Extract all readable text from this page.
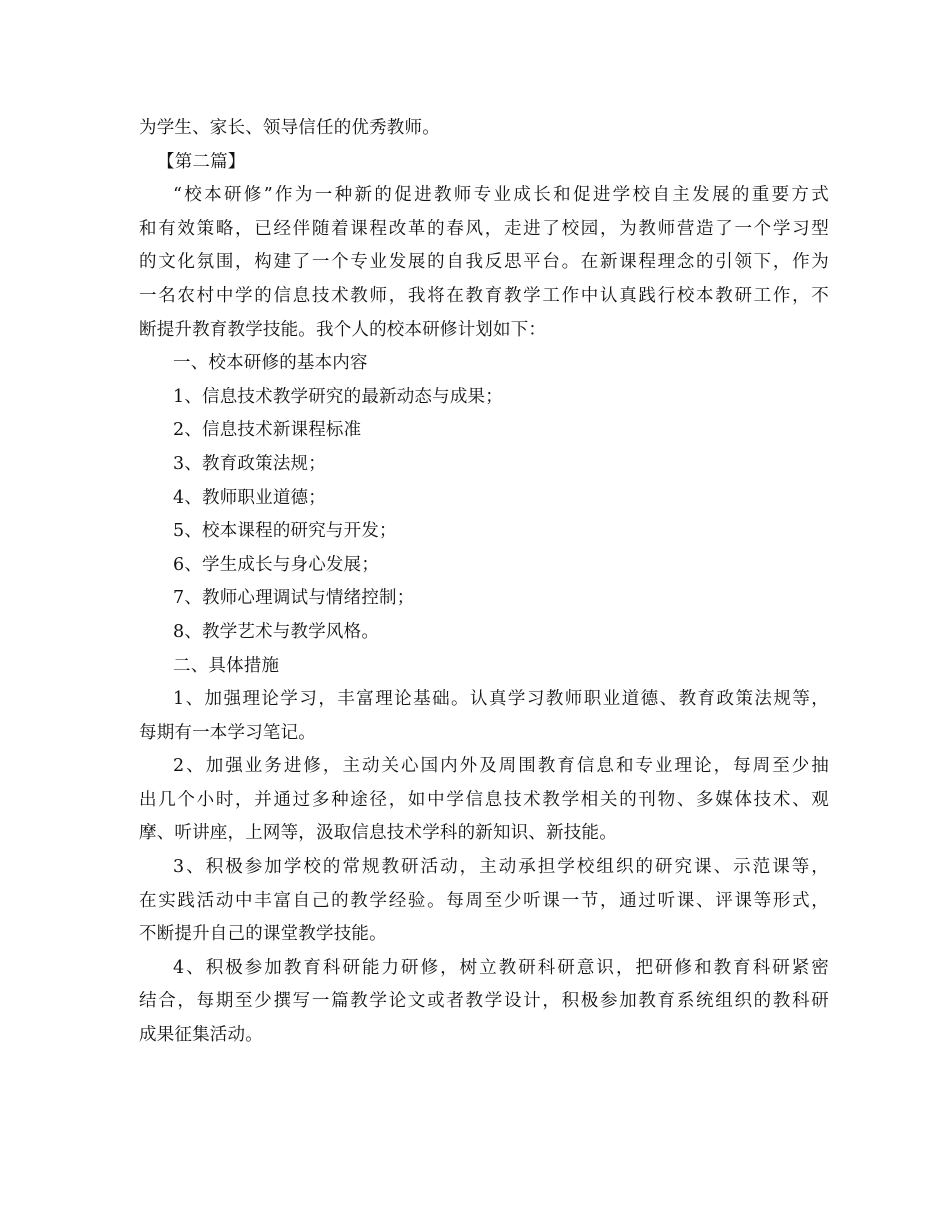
为学生、家长、领导信任的优秀教师。
【第二篇】
“校本研修”作为一种新的促进教师专业成长和促进学校自主发展的重要方式
和有效策略，已经伴随着课程改革的春风，走进了校园，为教师营造了一个学习型
的文化氛围，构建了一个专业发展的自我反思平台。在新课程理念的引领下，作为
一名农村中学的信息技术教师，我将在教育教学工作中认真践行校本教研工作，不
断提升教育教学技能。我个人的校本研修计划如下：
一、校本研修的基本内容
1、信息技术教学研究的最新动态与成果；
2、信息技术新课程标准
3、教育政策法规；
4、教师职业道德；
5、校本课程的研究与开发；
6、学生成长与身心发展；
7、教师心理调试与情绪控制；
8、教学艺术与教学风格。
二、具体措施
1、加强理论学习，丰富理论基础。认真学习教师职业道德、教育政策法规等，
每期有一本学习笔记。
2、加强业务进修，主动关心国内外及周围教育信息和专业理论，每周至少抽
出几个小时，并通过多种途径，如中学信息技术教学相关的刊物、多媒体技术、观
摩、听讲座，上网等，汲取信息技术学科的新知识、新技能。
3、积极参加学校的常规教研活动，主动承担学校组织的研究课、示范课等，
在实践活动中丰富自己的教学经验。每周至少听课一节，通过听课、评课等形式，
不断提升自己的课堂教学技能。
4、积极参加教育科研能力研修，树立教研科研意识，把研修和教育科研紧密
结合，每期至少撰写一篇教学论文或者教学设计，积极参加教育系统组织的教科研
成果征集活动。
